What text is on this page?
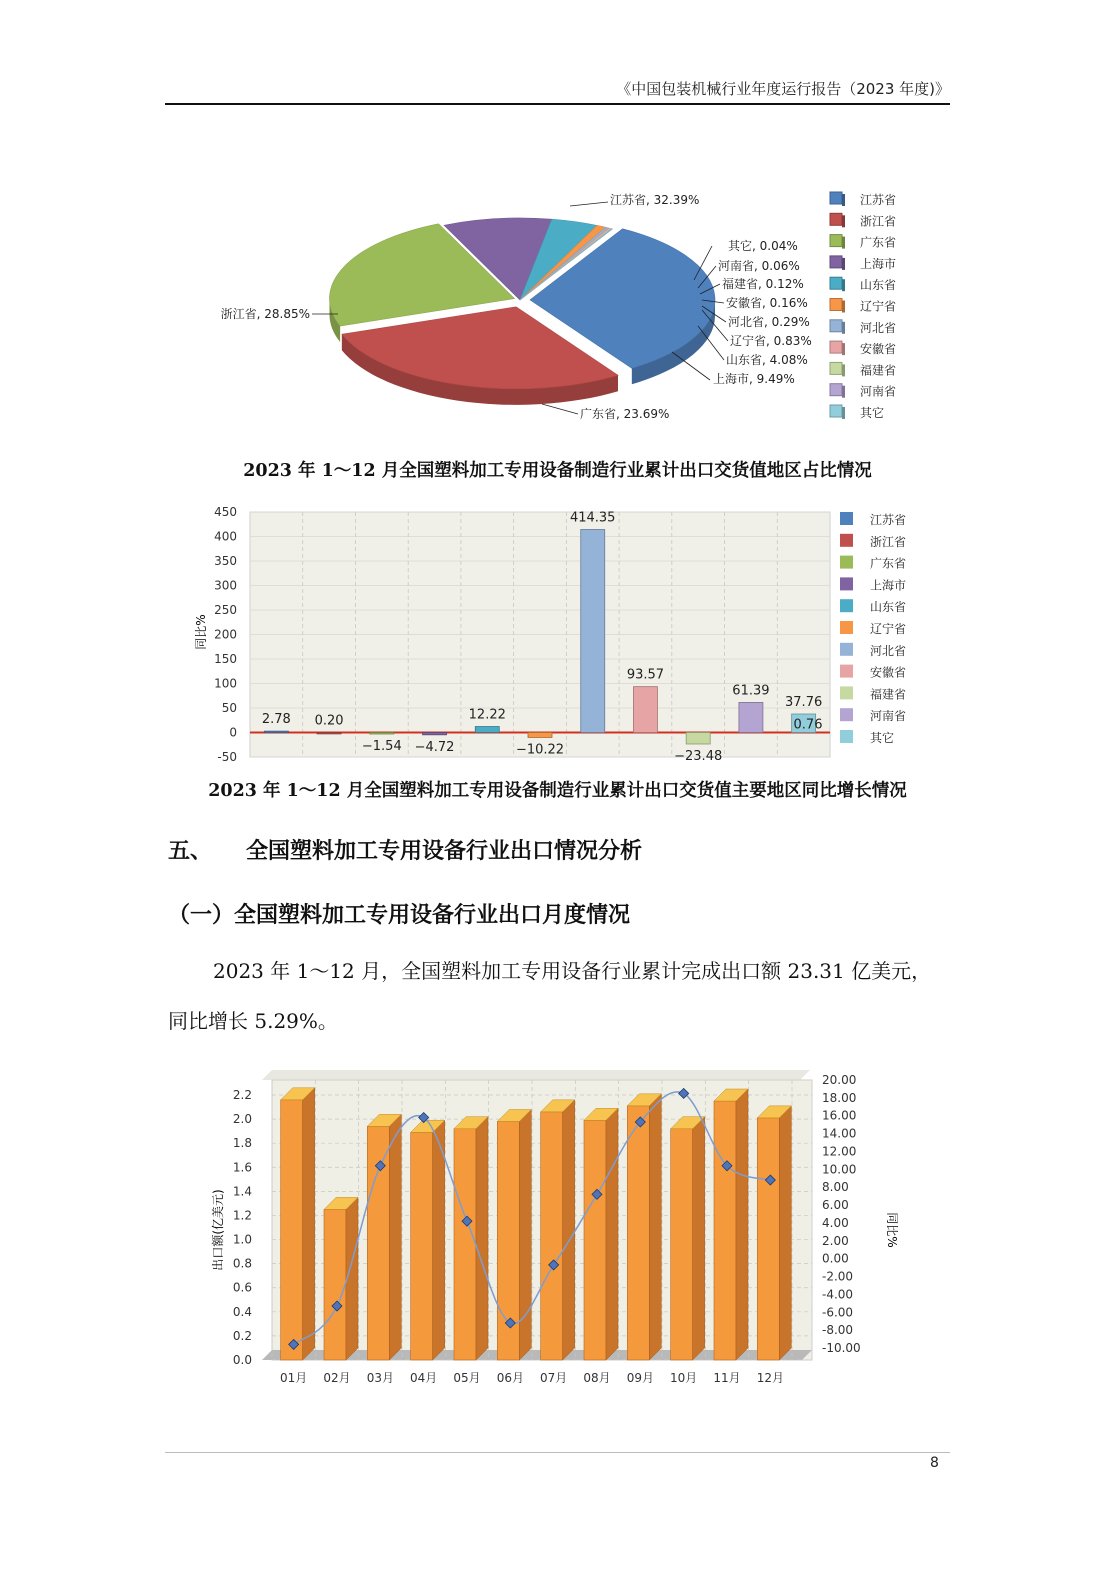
《中国包装机械行业年度运行报告（2023 年度)》
江苏省, 32.39%
浙江省, 28.85%
广东省, 23.69%
上海市, 9.49%
山东省, 4.08%
辽宁省, 0.83%
河北省, 0.29%
安徽省, 0.16%
福建省, 0.12%
河南省, 0.06%
其它, 0.04%
江苏省
浙江省
广东省
上海市
山东省
辽宁省
河北省
安徽省
福建省
河南省
其它
2023 年 1～12 月全国塑料加工专用设备制造行业累计出口交货值地区占比情况
450
400
350
300
250
200
150
100
50
0
-50
2.78 0.20
−1.54 −4.72
12.22
−10.22
414.35
93.57
−23.48
61.39
37.76
0.76
同比%
江苏省
浙江省
广东省
上海市
山东省
辽宁省
河北省
安徽省
福建省
河南省
其它
2023 年 1～12 月全国塑料加工专用设备制造行业累计出口交货值主要地区同比增长情况
五、 全国塑料加工专用设备行业出口情况分析
（一）全国塑料加工专用设备行业出口月度情况
2023 年 1～12 月，全国塑料加工专用设备行业累计完成出口额 23.31 亿美元，
同比增长 5.29%。
2.2
2.0
1.8
1.6
1.4
1.2
1.0
0.8
0.6
0.4
0.2
0.0
20.00
18.00
16.00
14.00
12.00
10.00
8.00
6.00
4.00
2.00
0.00
-2.00
-4.00
-6.00
-8.00
-10.00
01月 02月 03月 04月 05月 06月 07月 08月 09月 10月 11月 12月
出口额(亿美元)	同比%
8
